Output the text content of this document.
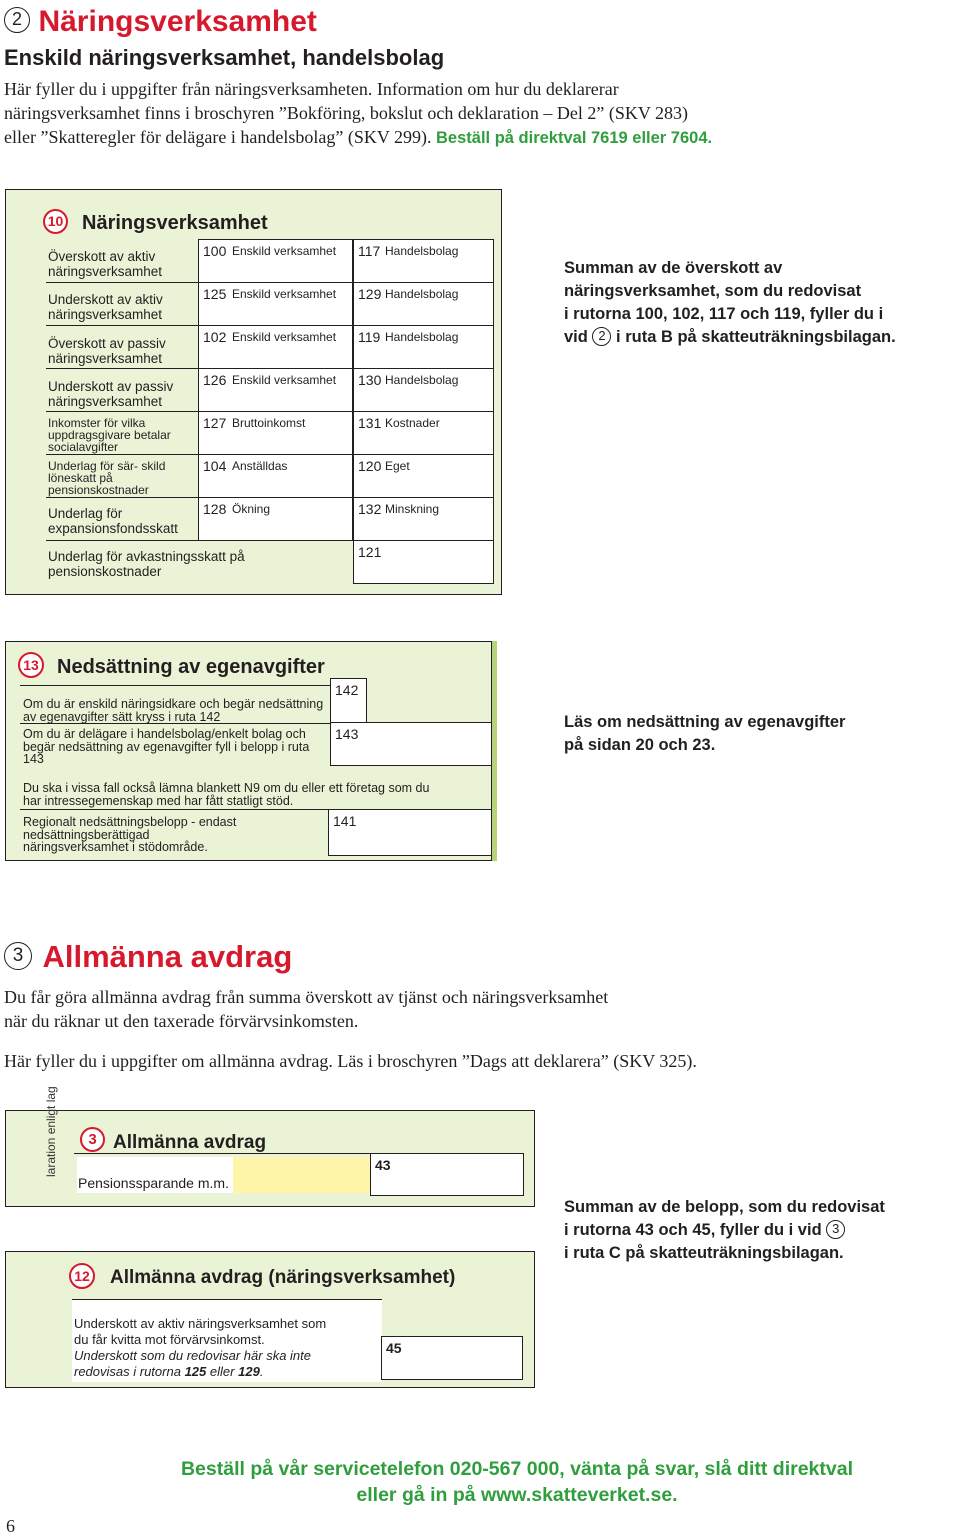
2 Näringsverksamhet
Enskild näringsverksamhet, handelsbolag
Här fyller du i uppgifter från näringsverksamheten. Information om hur du deklarerar
näringsverksamhet finns i broschyren ”Bokföring, bokslut och deklaration – Del 2” (SKV 283)
eller ”Skatteregler för delägare i handelsbolag” (SKV 299). Beställ på direktval 7619 eller 7604.
10 Näringsverksamhet
Överskott av aktiv näringsverksamhet
Underskott av aktiv näringsverksamhet
Överskott av passiv näringsverksamhet
Underskott av passiv näringsverksamhet
Inkomster för vilka uppdragsgivare betalar socialavgifter
Underlag för sär- skild löneskatt på pensionskostnader
Underlag för expansionsfondsskatt
Underlag för avkastningsskatt på pensionskostnader
100 Enskild verksamhet
125 Enskild verksamhet
102 Enskild verksamhet
126 Enskild verksamhet
127 Bruttoinkomst
104 Anställdas
128 Ökning
117 Handelsbolag
129 Handelsbolag
119 Handelsbolag
130 Handelsbolag
131 Kostnader
120 Eget
132 Minskning
121
Summan av de överskott av
näringsverksamhet, som du redovisat
i rutorna 100, 102, 117 och 119, fyller du i
vid 2 i ruta B på skatteuträkningsbilagan.
13 Nedsättning av egenavgifter
Om du är enskild näringsidkare och begär nedsättning av egenavgifter sätt kryss i ruta 142
142
Om du är delägare i handelsbolag/enkelt bolag och begär nedsättning av egenavgifter fyll i belopp i ruta 143
143
Du ska i vissa fall också lämna blankett N9 om du eller ett företag som du har intressegemenskap med har fått statligt stöd.
Regionalt nedsättningsbelopp - endast nedsättningsberättigad näringsverksamhet i stödområde.
141
Läs om nedsättning av egenavgifter
på sidan 20 och 23.
3 Allmänna avdrag
Du får göra allmänna avdrag från summa överskott av tjänst och näringsverksamhet
när du räknar ut den taxerade förvärvsinkomsten.
Här fyller du i uppgifter om allmänna avdrag. Läs i broschyren ”Dags att deklarera” (SKV 325).
laration enligt lag	3 Allmänna avdrag
Pensionssparande m.m.
43
12 Allmänna avdrag (näringsverksamhet)
Underskott av aktiv näringsverksamhet som
du får kvitta mot förvärvsinkomst.
Underskott som du redovisar här ska inte
redovisas i rutorna 125 eller 129.
45
Summan av de belopp, som du redovisat
i rutorna 43 och 45, fyller du i vid 3
i ruta C på skatteuträkningsbilagan.
Beställ på vår servicetelefon 020-567 000, vänta på svar, slå ditt direktval
eller gå in på www.skatteverket.se.
6
